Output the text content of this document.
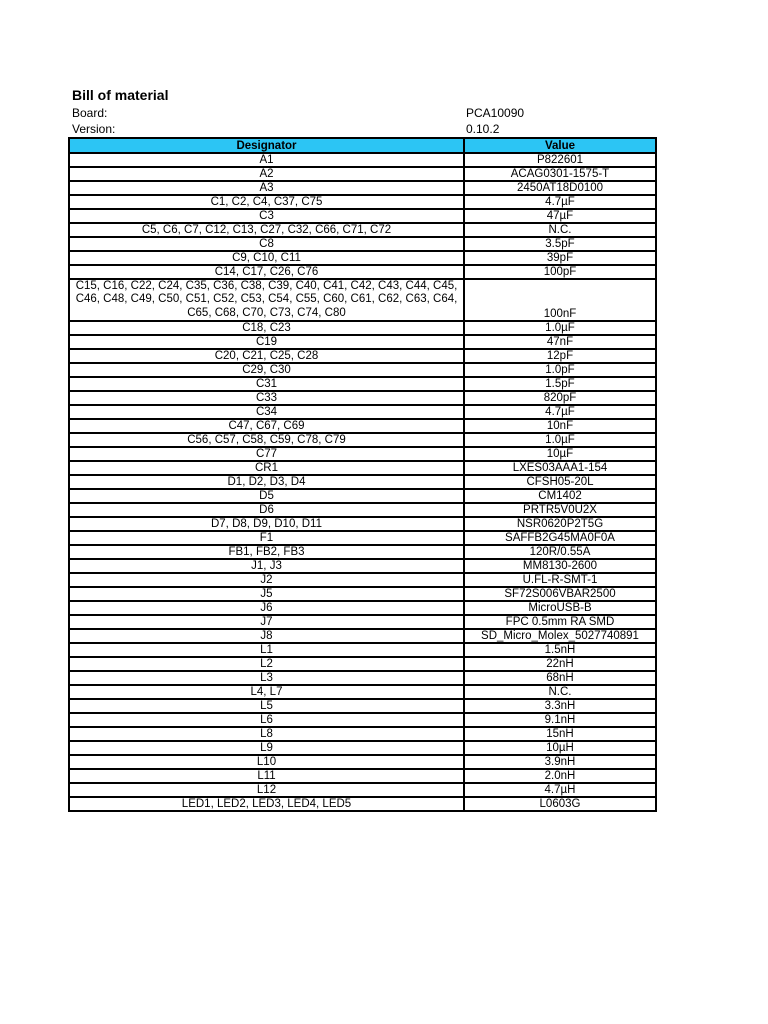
Bill of material
Board:	PCA10090
Version:	0.10.2
Designator	Value
A1	P822601
A2	ACAG0301-1575-T
A3	2450AT18D0100
C1, C2, C4, C37, C75	4.7µF
C3	47µF
C5, C6, C7, C12, C13, C27, C32, C66, C71, C72	N.C.
C8	3.5pF
C9, C10, C11	39pF
C14, C17, C26, C76	100pF
C15, C16, C22, C24, C35, C36, C38, C39, C40, C41, C42, C43, C44, C45, C46, C48, C49, C50, C51, C52, C53, C54, C55, C60, C61, C62, C63, C64, C65, C68, C70, C73, C74, C80	100nF
C18, C23	1.0µF
C19	47nF
C20, C21, C25, C28	12pF
C29, C30	1.0pF
C31	1.5pF
C33	820pF
C34	4.7µF
C47, C67, C69	10nF
C56, C57, C58, C59, C78, C79	1.0µF
C77	10µF
CR1	LXES03AAA1-154
D1, D2, D3, D4	CFSH05-20L
D5	CM1402
D6	PRTR5V0U2X
D7, D8, D9, D10, D11	NSR0620P2T5G
F1	SAFFB2G45MA0F0A
FB1, FB2, FB3	120R/0.55A
J1, J3	MM8130-2600
J2	U.FL-R-SMT-1
J5	SF72S006VBAR2500
J6	MicroUSB-B
J7	FPC 0.5mm RA SMD
J8	SD_Micro_Molex_5027740891
L1	1.5nH
L2	22nH
L3	68nH
L4, L7	N.C.
L5	3.3nH
L6	9.1nH
L8	15nH
L9	10µH
L10	3.9nH
L11	2.0nH
L12	4.7µH
LED1, LED2, LED3, LED4, LED5	L0603G
